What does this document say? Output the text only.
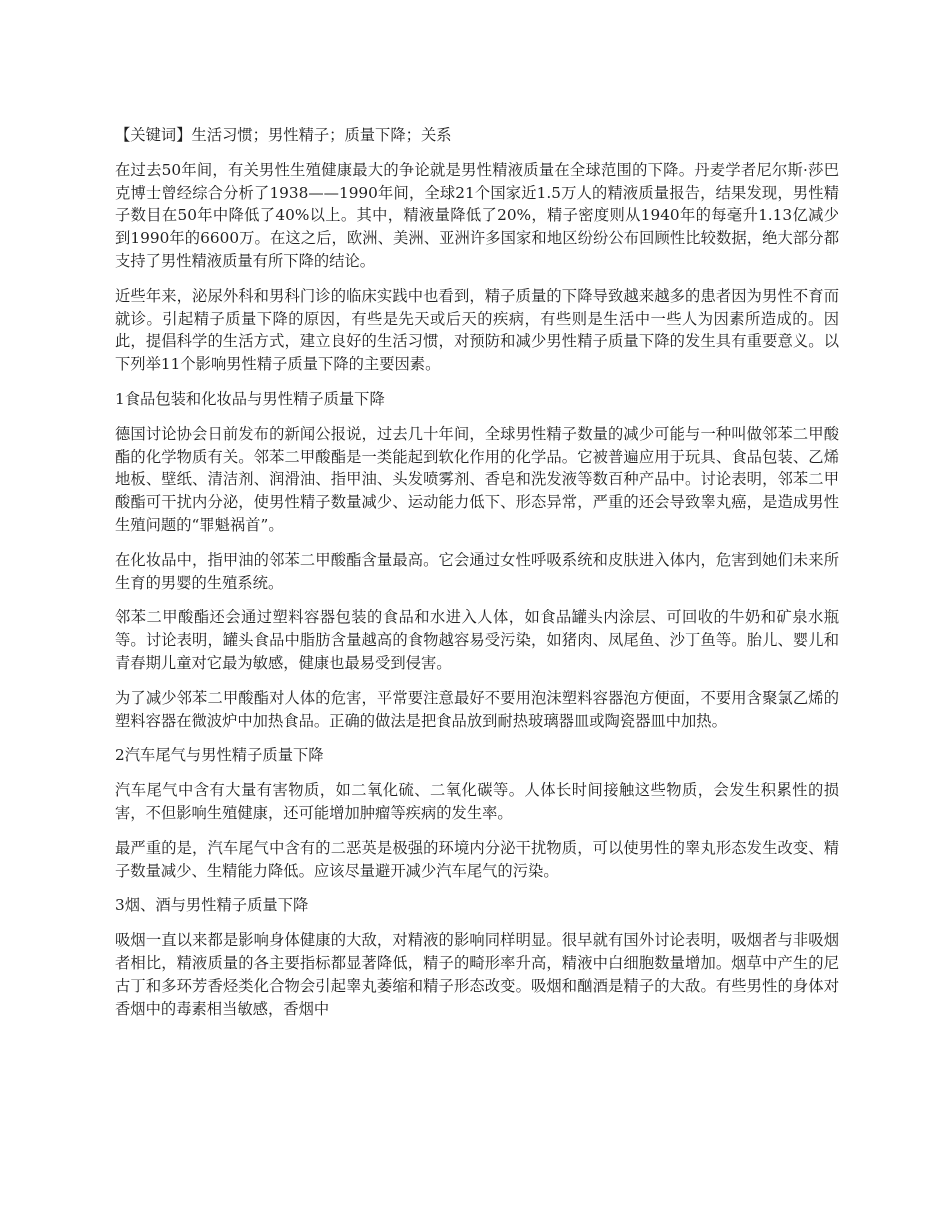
【关键词】生活习惯；男性精子；质量下降；关系

在过去50年间，有关男性生殖健康最大的争论就是男性精液质量在全球范围的下降。丹麦学者尼尔斯·莎巴克博士曾经综合分析了1938——1990年间，全球21个国家近1.5万人的精液质量报告，结果发现，男性精子数目在50年中降低了40%以上。其中，精液量降低了20%，精子密度则从1940年的每毫升1.13亿减少到1990年的6600万。在这之后，欧洲、美洲、亚洲许多国家和地区纷纷公布回顾性比较数据，绝大部分都支持了男性精液质量有所下降的结论。

近些年来，泌尿外科和男科门诊的临床实践中也看到，精子质量的下降导致越来越多的患者因为男性不育而就诊。引起精子质量下降的原因，有些是先天或后天的疾病，有些则是生活中一些人为因素所造成的。因此，提倡科学的生活方式，建立良好的生活习惯，对预防和减少男性精子质量下降的发生具有重要意义。以下列举11个影响男性精子质量下降的主要因素。

1食品包装和化妆品与男性精子质量下降

德国讨论协会日前发布的新闻公报说，过去几十年间，全球男性精子数量的减少可能与一种叫做邻苯二甲酸酯的化学物质有关。邻苯二甲酸酯是一类能起到软化作用的化学品。它被普遍应用于玩具、食品包装、乙烯地板、壁纸、清洁剂、润滑油、指甲油、头发喷雾剂、香皂和洗发液等数百种产品中。讨论表明，邻苯二甲酸酯可干扰内分泌，使男性精子数量减少、运动能力低下、形态异常，严重的还会导致睾丸癌，是造成男性生殖问题的“罪魁祸首”。

在化妆品中，指甲油的邻苯二甲酸酯含量最高。它会通过女性呼吸系统和皮肤进入体内，危害到她们未来所生育的男婴的生殖系统。

邻苯二甲酸酯还会通过塑料容器包装的食品和水进入人体，如食品罐头内涂层、可回收的牛奶和矿泉水瓶等。讨论表明，罐头食品中脂肪含量越高的食物越容易受污染，如猪肉、凤尾鱼、沙丁鱼等。胎儿、婴儿和青春期儿童对它最为敏感，健康也最易受到侵害。

为了减少邻苯二甲酸酯对人体的危害，平常要注意最好不要用泡沫塑料容器泡方便面，不要用含聚氯乙烯的塑料容器在微波炉中加热食品。正确的做法是把食品放到耐热玻璃器皿或陶瓷器皿中加热。

2汽车尾气与男性精子质量下降

汽车尾气中含有大量有害物质，如二氧化硫、二氧化碳等。人体长时间接触这些物质，会发生积累性的损害，不但影响生殖健康，还可能增加肿瘤等疾病的发生率。

最严重的是，汽车尾气中含有的二恶英是极强的环境内分泌干扰物质，可以使男性的睾丸形态发生改变、精子数量减少、生精能力降低。应该尽量避开减少汽车尾气的污染。

3烟、酒与男性精子质量下降

吸烟一直以来都是影响身体健康的大敌，对精液的影响同样明显。很早就有国外讨论表明，吸烟者与非吸烟者相比，精液质量的各主要指标都显著降低，精子的畸形率升高，精液中白细胞数量增加。烟草中产生的尼古丁和多环芳香烃类化合物会引起睾丸萎缩和精子形态改变。吸烟和酗酒是精子的大敌。有些男性的身体对香烟中的毒素相当敏感，香烟中
